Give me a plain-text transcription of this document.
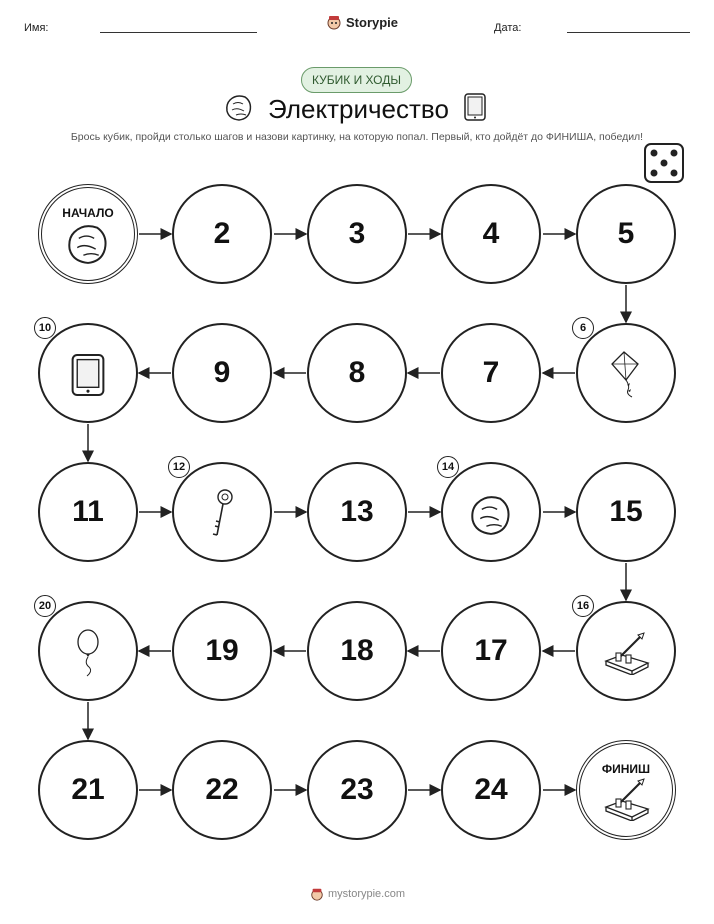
Имя:	Storypie	Дата:
КУБИК И ХОДЫ
Электричество
Брось кубик, пройди столько шагов и назови картинку, на которую попал. Первый, кто дойдёт до ФИНИША, победил!
ФИНИШ
24
23
22
21
19	18	17
15
13
11
9	8	7
5
4
3
2
НАЧАЛО
6
10
12	14
16
20
mystorypie.com
